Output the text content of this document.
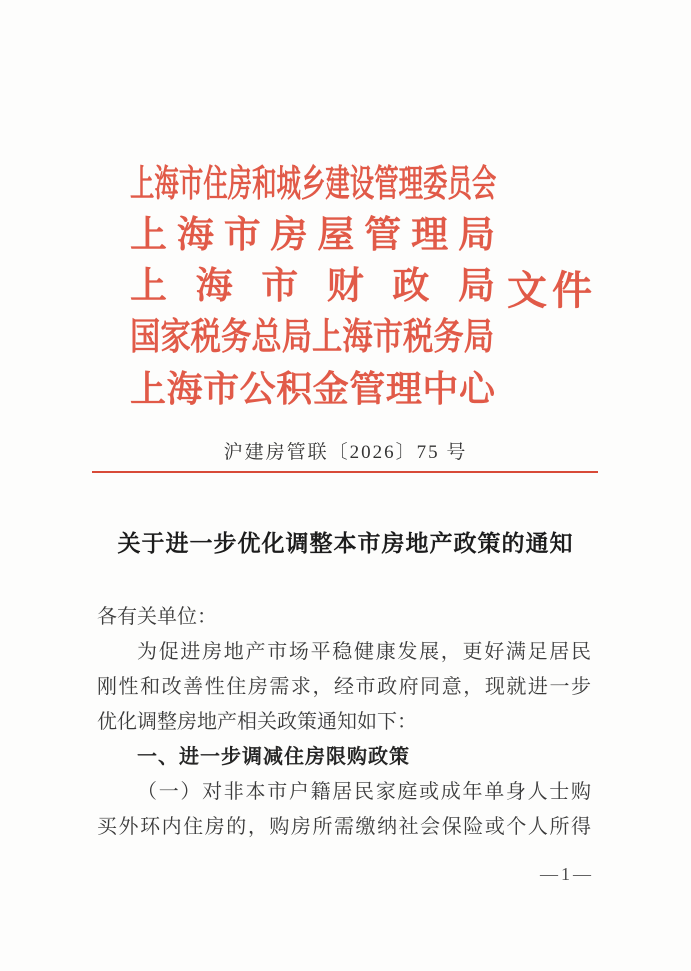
上海市住房和城乡建设管理委员会
上海市房屋管理局
上海市财政局 文件
国家税务总局上海市税务局
上海市公积金管理中心
沪建房管联〔2026〕75 号
关于进一步优化调整本市房地产政策的通知
各有关单位：
为促进房地产市场平稳健康发展，更好满足居民
刚性和改善性住房需求，经市政府同意，现就进一步
优化调整房地产相关政策通知如下：
一、进一步调减住房限购政策
（一）对非本市户籍居民家庭或成年单身人士购
买外环内住房的，购房所需缴纳社会保险或个人所得
—1—
